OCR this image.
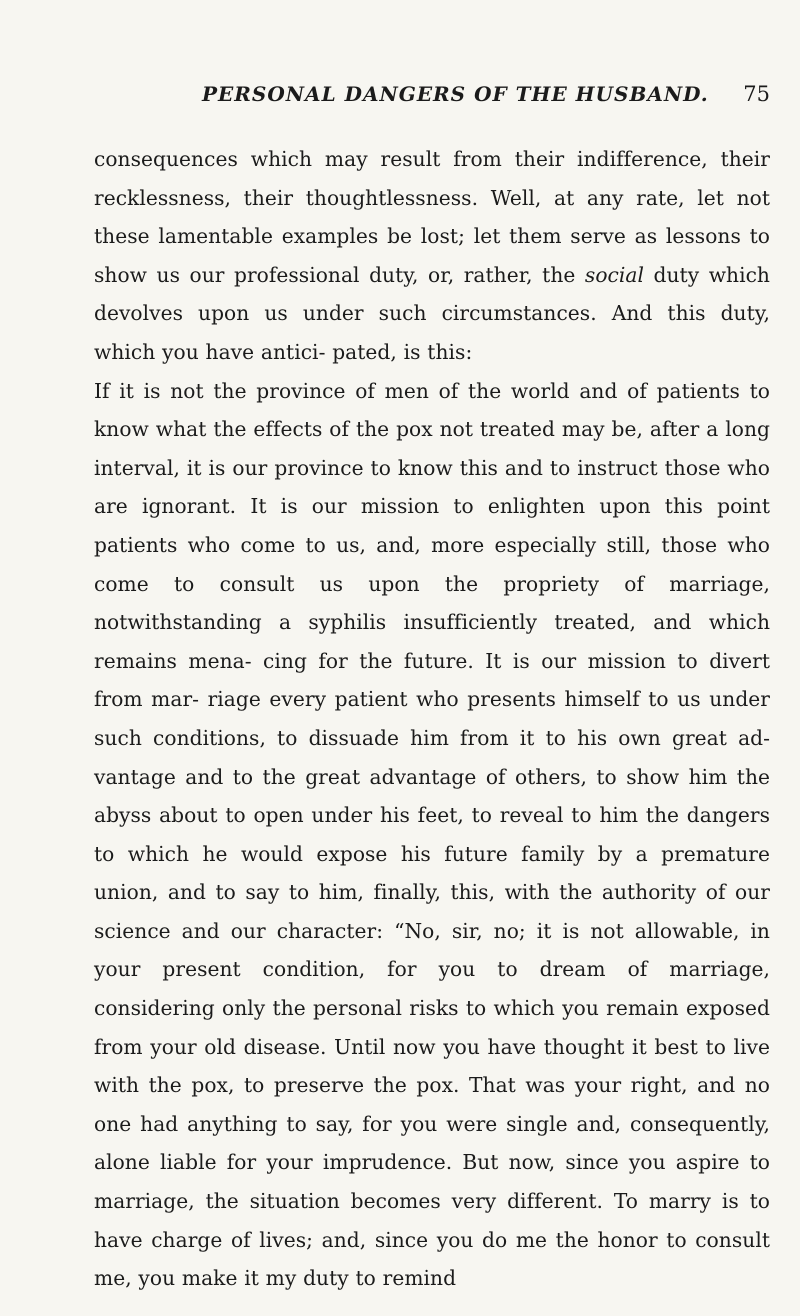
PERSONAL DANGERS OF THE HUSBAND. 75

consequences which may result from their indifference, their recklessness, their thoughtlessness. Well, at any rate, let not these lamentable examples be lost; let them serve as lessons to show us our professional duty, or, rather, the social duty which devolves upon us under such circumstances. And this duty, which you have antici- pated, is this:

If it is not the province of men of the world and of patients to know what the effects of the pox not treated may be, after a long interval, it is our province to know this and to instruct those who are ignorant. It is our mission to enlighten upon this point patients who come to us, and, more especially still, those who come to consult us upon the propriety of marriage, notwithstanding a syphilis insufficiently treated, and which remains mena- cing for the future. It is our mission to divert from mar- riage every patient who presents himself to us under such conditions, to dissuade him from it to his own great ad- vantage and to the great advantage of others, to show him the abyss about to open under his feet, to reveal to him the dangers to which he would expose his future family by a premature union, and to say to him, finally, this, with the authority of our science and our character: “No, sir, no; it is not allowable, in your present condition, for you to dream of marriage, considering only the personal risks to which you remain exposed from your old disease. Until now you have thought it best to live with the pox, to preserve the pox. That was your right, and no one had anything to say, for you were single and, consequently, alone liable for your imprudence. But now, since you aspire to marriage, the situation becomes very different. To marry is to have charge of lives; and, since you do me the honor to consult me, you make it my duty to remind
